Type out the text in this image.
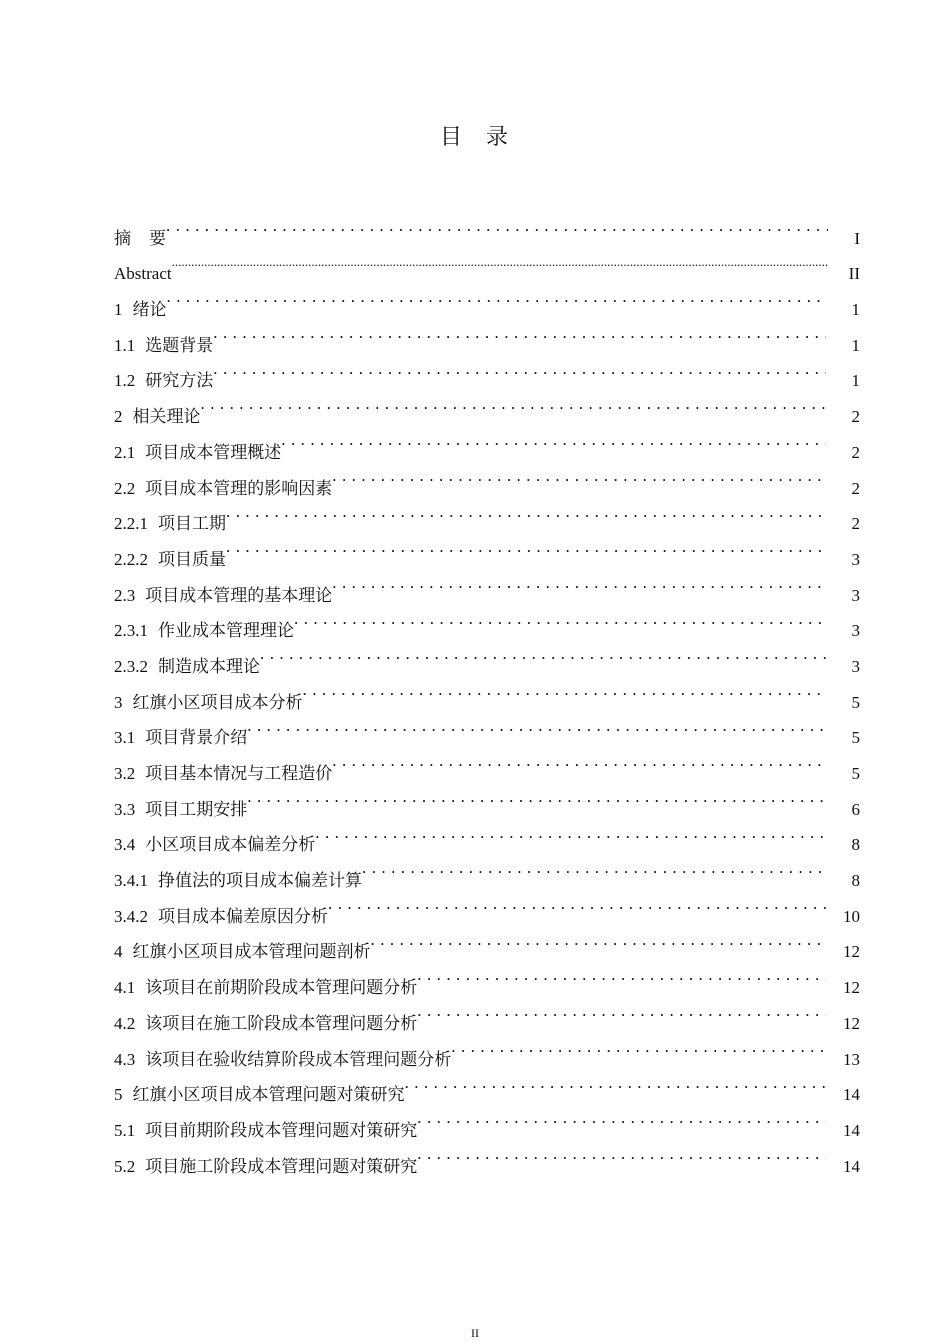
目 录
摘 要 . . .	I
Abstract .....	II
1 绪论 . . .	1
1.1 选题背景 . . .	1
1.2 研究方法 . . .	1
2 相关理论 . . .	2
2.1 项目成本管理概述 . . .	2
2.2 项目成本管理的影响因素 . . .	2
2.2.1 项目工期 . . .	2
2.2.2 项目质量 . . .	3
2.3 项目成本管理的基本理论 . . .	3
2.3.1 作业成本管理理论 . . .	3
2.3.2 制造成本理论 . . .	3
3 红旗小区项目成本分析 . . .	5
3.1 项目背景介绍 . . .	5
3.2 项目基本情况与工程造价 . . .	5
3.3 项目工期安排 . . .	6
3.4 小区项目成本偏差分析 . . .	8
3.4.1 挣值法的项目成本偏差计算 . . .	8
3.4.2 项目成本偏差原因分析 . . .	10
4 红旗小区项目成本管理问题剖析 . . .	12
4.1 该项目在前期阶段成本管理问题分析 . . .	12
4.2 该项目在施工阶段成本管理问题分析 . . .	12
4.3 该项目在验收结算阶段成本管理问题分析 . . .	13
5 红旗小区项目成本管理问题对策研究 . . .	14
5.1 项目前期阶段成本管理问题对策研究 . . .	14
5.2 项目施工阶段成本管理问题对策研究 . . .	14
II
